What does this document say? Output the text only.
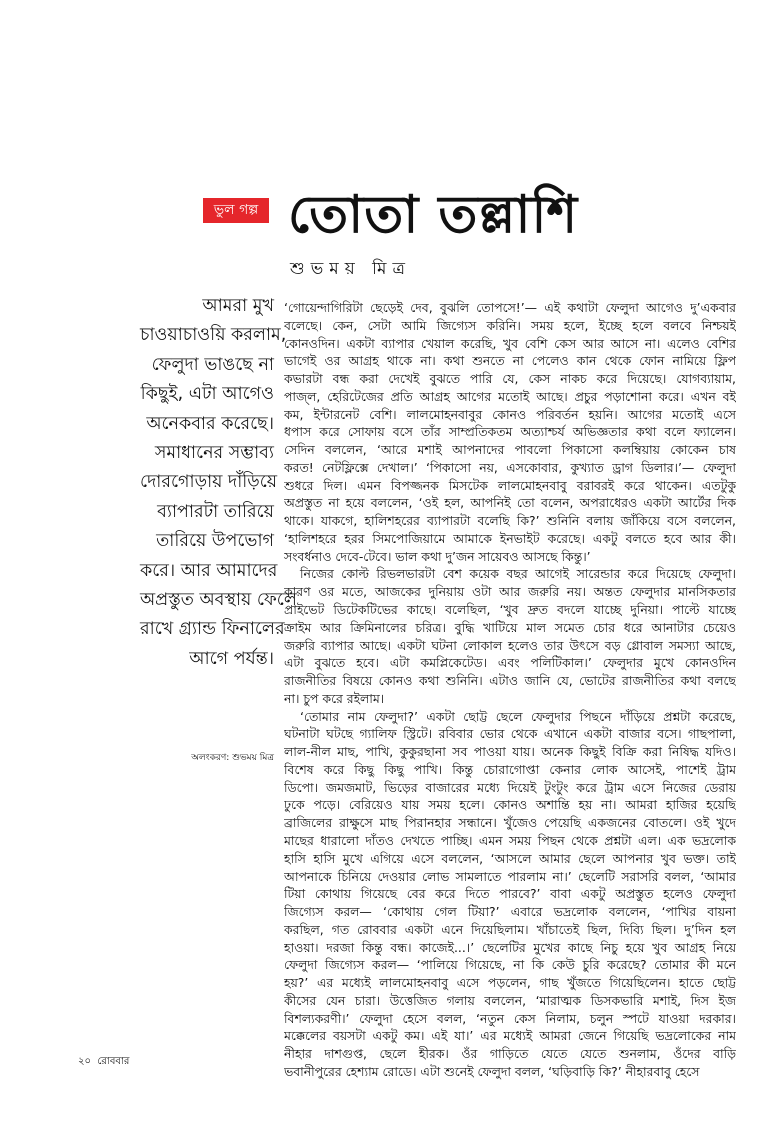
ভুল গল্প তোতা তল্লাশি
শুভময় মিত্র
আমরা মুখ
চাওয়াচাওয়ি করলাম,
ফেলুদা ভাঙছে না
কিছুই, এটা আগেও
অনেকবার করেছে।
সমাধানের সম্ভাব্য
দোরগোড়ায় দাঁড়িয়ে
ব্যাপারটা তারিয়ে
তারিয়ে উপভোগ
করে। আর আমাদের
অপ্রস্তুত অবস্থায় ফেলে
রাখে গ্র্যান্ড ফিনালের
আগে পর্যন্ত।
অলংকরণ: শুভময় মিত্র
‘গোয়েন্দাগিরিটা ছেড়েই দেব, বুঝলি তোপসে!’— এই কথাটা ফেলুদা আগেও দু’একবার
বলেছে। কেন, সেটা আমি জিগ্যেস করিনি। সময় হলে, ইচ্ছে হলে বলবে নিশ্চয়ই
কোনওদিন। একটা ব্যাপার খেয়াল করেছি, খুব বেশি কেস আর আসে না। এলেও বেশির
ভাগেই ওর আগ্রহ থাকে না। কথা শুনতে না পেলেও কান থেকে ফোন নামিয়ে ফ্লিপ
কভারটা বন্ধ করা দেখেই বুঝতে পারি যে, কেস নাকচ করে দিয়েছে। যোগব্যায়াম,
পাজ্‌ল, হেরিটেজের প্রতি আগ্রহ আগের মতোই আছে। প্রচুর পড়াশোনা করে। এখন বই
কম, ইন্টারনেট বেশি। লালমোহনবাবুর কোনও পরিবর্তন হয়নি। আগের মতোই এসে
ধপাস করে সোফায় বসে তাঁর সাম্প্রতিকতম অত্যাশ্চর্য অভিজ্ঞতার কথা বলে ফ্যালেন।
সেদিন বললেন, ‘আরে মশাই আপনাদের পাবলো পিকাসো কলম্বিয়ায় কোকেন চাষ
করত! নেটফ্লিক্সে দেখাল।’ ‘পিকাসো নয়, এসকোবার, কুখ্যাত ড্রাগ ডিলার।’— ফেলুদা
শুধরে দিল। এমন বিপজ্জনক মিসটেক লালমোহনবাবু বরাবরই করে থাকেন। এতটুকু
অপ্রস্তুত না হয়ে বললেন, ‘ওই হল, আপনিই তো বলেন, অপরাধেরও একটা আর্টের দিক
থাকে। যাকগে, হালিশহরের ব্যাপারটা বলেছি কি?’ শুনিনি বলায় জাঁকিয়ে বসে বললেন,
‘হালিশহরে হরর সিমপোজিয়ামে আমাকে ইনভাইট করেছে। একটু বলতে হবে আর কী।
সংবর্ধনাও দেবে-টেবে। ভাল কথা দু’জন সায়েবও আসছে কিন্তু।’
নিজের কোল্ট রিভলভারটা বেশ কয়েক বছর আগেই সারেন্ডার করে দিয়েছে ফেলুদা।
কারণ ওর মতে, আজকের দুনিয়ায় ওটা আর জরুরি নয়। অন্তত ফেলুদার মানসিকতার
প্রাইভেট ডিটেকটিভের কাছে। বলেছিল, ‘খুব দ্রুত বদলে যাচ্ছে দুনিয়া। পাল্টে যাচ্ছে
ক্রাইম আর ক্রিমিনালের চরিত্র। বুদ্ধি খাটিয়ে মাল সমেত চোর ধরে আনাটার চেয়েও
জরুরি ব্যাপার আছে। একটা ঘটনা লোকাল হলেও তার উৎসে বড় গ্লোবাল সমস্যা আছে,
এটা বুঝতে হবে। এটা কমপ্লিকেটেড। এবং পলিটিকাল।’ ফেলুদার মুখে কোনওদিন
রাজনীতির বিষয়ে কোনও কথা শুনিনি। এটাও জানি যে, ভোটের রাজনীতির কথা বলছে
না। চুপ করে রইলাম।
‘তোমার নাম ফেলুদা?’ একটা ছোট্ট ছেলে ফেলুদার পিছনে দাঁড়িয়ে প্রশ্নটা করেছে,
ঘটনাটা ঘটছে গ্যালিফ স্ট্রিটে। রবিবার ভোর থেকে এখানে একটা বাজার বসে। গাছপালা,
লাল-নীল মাছ, পাখি, কুকুরছানা সব পাওয়া যায়। অনেক কিছুই বিক্রি করা নিষিদ্ধ যদিও।
বিশেষ করে কিছু কিছু পাখি। কিন্তু চোরাগোপ্তা কেনার লোক আসেই, পাশেই ট্রাম
ডিপো। জমজমাট, ভিড়ের বাজারের মধ্যে দিয়েই টুংটুং করে ট্রাম এসে নিজের ডেরায়
ঢুকে পড়ে। বেরিয়েও যায় সময় হলে। কোনও অশান্তি হয় না। আমরা হাজির হয়েছি
ব্রাজিলের রাক্ষুসে মাছ পিরানহার সন্ধানে। খুঁজেও পেয়েছি একজনের বোতলে। ওই খুদে
মাছের ধারালো দাঁতও দেখতে পাচ্ছি। এমন সময় পিছন থেকে প্রশ্নটা এল। এক ভদ্রলোক
হাসি হাসি মুখে এগিয়ে এসে বললেন, ‘আসলে আমার ছেলে আপনার খুব ভক্ত। তাই
আপনাকে চিনিয়ে দেওয়ার লোভ সামলাতে পারলাম না।’ ছেলেটি সরাসরি বলল, ‘আমার
টিয়া কোথায় গিয়েছে বের করে দিতে পারবে?’ বাবা একটু অপ্রস্তুত হলেও ফেলুদা
জিগ্যেস করল— ‘কোথায় গেল টিয়া?’ এবারে ভদ্রলোক বললেন, ‘পাখির বায়না
করছিল, গত রোববার একটা এনে দিয়েছিলাম। খাঁচাতেই ছিল, দিব্যি ছিল। দু’দিন হল
হাওয়া। দরজা কিন্তু বন্ধ। কাজেই...।’ ছেলেটির মুখের কাছে নিচু হয়ে খুব আগ্রহ নিয়ে
ফেলুদা জিগ্যেস করল— ‘পালিয়ে গিয়েছে, না কি কেউ চুরি করেছে? তোমার কী মনে
হয়?’ এর মধ্যেই লালমোহনবাবু এসে পড়লেন, গাছ খুঁজতে গিয়েছিলেন। হাতে ছোট্ট
কীসের যেন চারা। উত্তেজিত গলায় বললেন, ‘মারাত্মক ডিসকভারি মশাই, দিস ইজ
বিশল্যকরণী।’ ফেলুদা হেসে বলল, ‘নতুন কেস নিলাম, চলুন স্পটে যাওয়া দরকার।
মক্কেলের বয়সটা একটু কম। এই যা।’ এর মধ্যেই আমরা জেনে গিয়েছি ভদ্রলোকের নাম
নীহার দাশগুপ্ত, ছেলে হীরক। ওঁর গাড়িতে যেতে যেতে শুনলাম, ওঁদের বাড়ি
ভবানীপুরের হেশ্যাম রোডে। এটা শুনেই ফেলুদা বলল, ‘ঘড়িবাড়ি কি?’ নীহারবাবু হেসে
২০ রোববার
